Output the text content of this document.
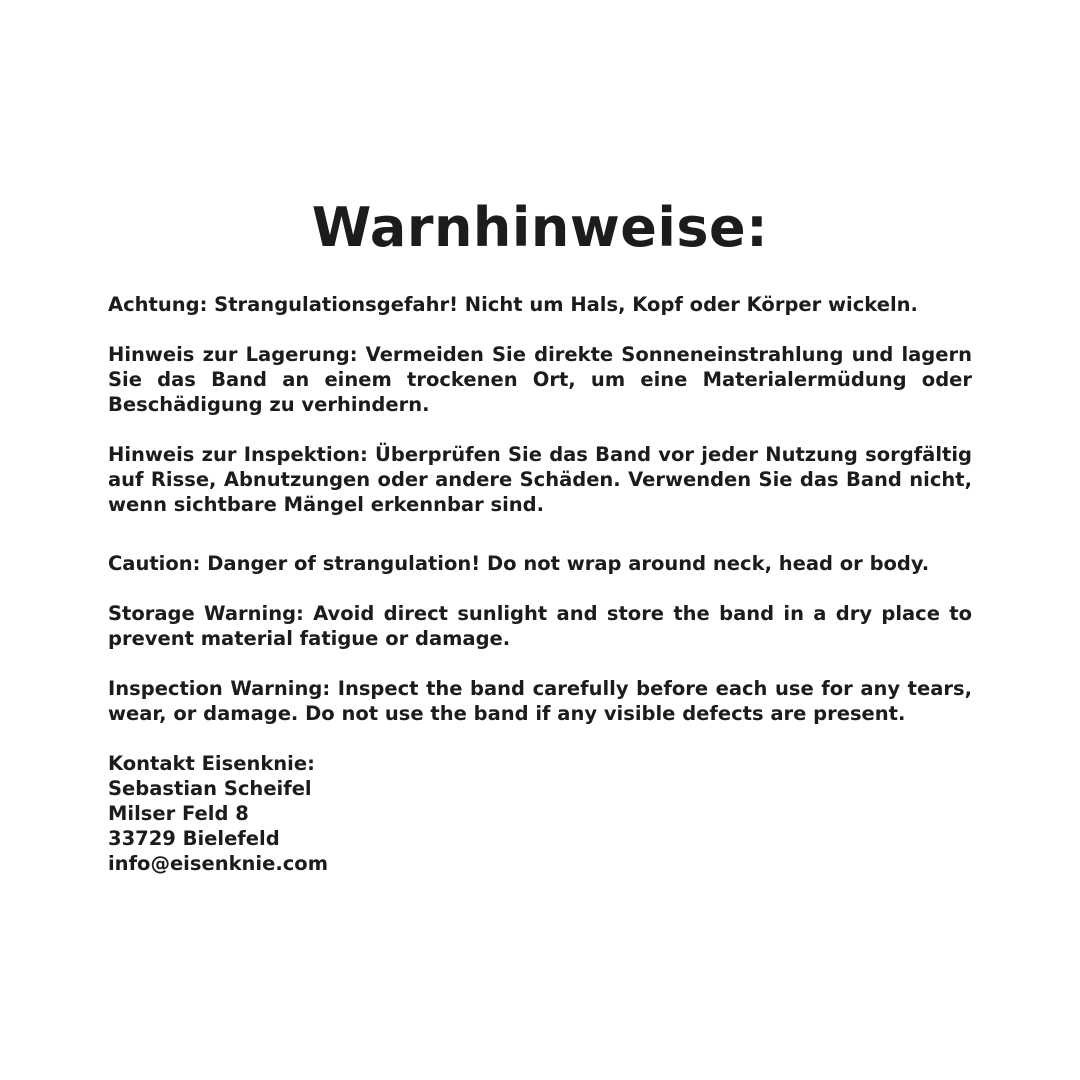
Warnhinweise:

Achtung: Strangulationsgefahr! Nicht um Hals, Kopf oder Körper wickeln.

Hinweis zur Lagerung: Vermeiden Sie direkte Sonneneinstrahlung und lagern Sie das Band an einem trockenen Ort, um eine Materialermüdung oder Beschädigung zu verhindern.

Hinweis zur Inspektion: Überprüfen Sie das Band vor jeder Nutzung sorgfältig auf Risse, Abnutzungen oder andere Schäden. Verwenden Sie das Band nicht, wenn sichtbare Mängel erkennbar sind.

Caution: Danger of strangulation! Do not wrap around neck, head or body.

Storage Warning: Avoid direct sunlight and store the band in a dry place to prevent material fatigue or damage.

Inspection Warning: Inspect the band carefully before each use for any tears, wear, or damage. Do not use the band if any visible defects are present.

Kontakt Eisenknie:
Sebastian Scheifel
Milser Feld 8
33729 Bielefeld
info@eisenknie.com
